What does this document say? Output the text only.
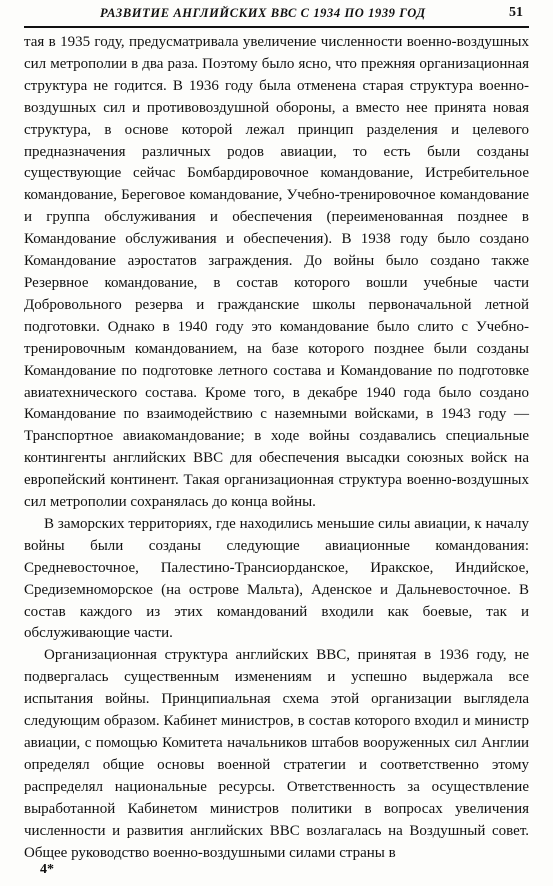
РАЗВИТИЕ АНГЛИЙСКИХ ВВС С 1934 ПО 1939 ГОД	51

тая в 1935 году, предусматривала увеличение численности военно-воздушных сил метрополии в два раза. Поэтому было ясно, что прежняя организационная структура не годится. В 1936 году была отменена старая структура военно-воздушных сил и противовоздушной обороны, а вместо нее принята новая структура, в основе которой лежал принцип разделения и целевого предназначения различных родов авиации, то есть были созданы существующие сейчас Бомбардировочное командование, Истребительное командование, Береговое командование, Учебно-тренировочное командование и группа обслуживания и обеспечения (переименованная позднее в Командование обслуживания и обеспечения). В 1938 году было создано Командование аэростатов заграждения. До войны было создано также Резервное командование, в состав которого вошли учебные части Добровольного резерва и гражданские школы первоначальной летной подготовки. Однако в 1940 году это командование было слито с Учебно-тренировочным командованием, на базе которого позднее были созданы Командование по подготовке летного состава и Командование по подготовке авиатехнического состава. Кроме того, в декабре 1940 года было создано Командование по взаимодействию с наземными войсками, в 1943 году — Транспортное авиакомандование; в ходе войны создавались специальные контингенты английских ВВС для обеспечения высадки союзных войск на европейский континент. Такая организационная структура военно-воздушных сил метрополии сохранялась до конца войны.

В заморских территориях, где находились меньшие силы авиации, к началу войны были созданы следующие авиационные командования: Средневосточное, Палестино-Трансиорданское, Иракское, Индийское, Средиземноморское (на острове Мальта), Аденское и Дальневосточное. В состав каждого из этих командований входили как боевые, так и обслуживающие части.

Организационная структура английских ВВС, принятая в 1936 году, не подвергалась существенным изменениям и успешно выдержала все испытания войны. Принципиальная схема этой организации выглядела следующим образом. Кабинет министров, в состав которого входил и министр авиации, с помощью Комитета начальников штабов вооруженных сил Англии определял общие основы военной стратегии и соответственно этому распределял национальные ресурсы. Ответственность за осуществление выработанной Кабинетом министров политики в вопросах увеличения численности и развития английских ВВС возлагалась на Воздушный совет. Общее руководство военно-воздушными силами страны в

4*
